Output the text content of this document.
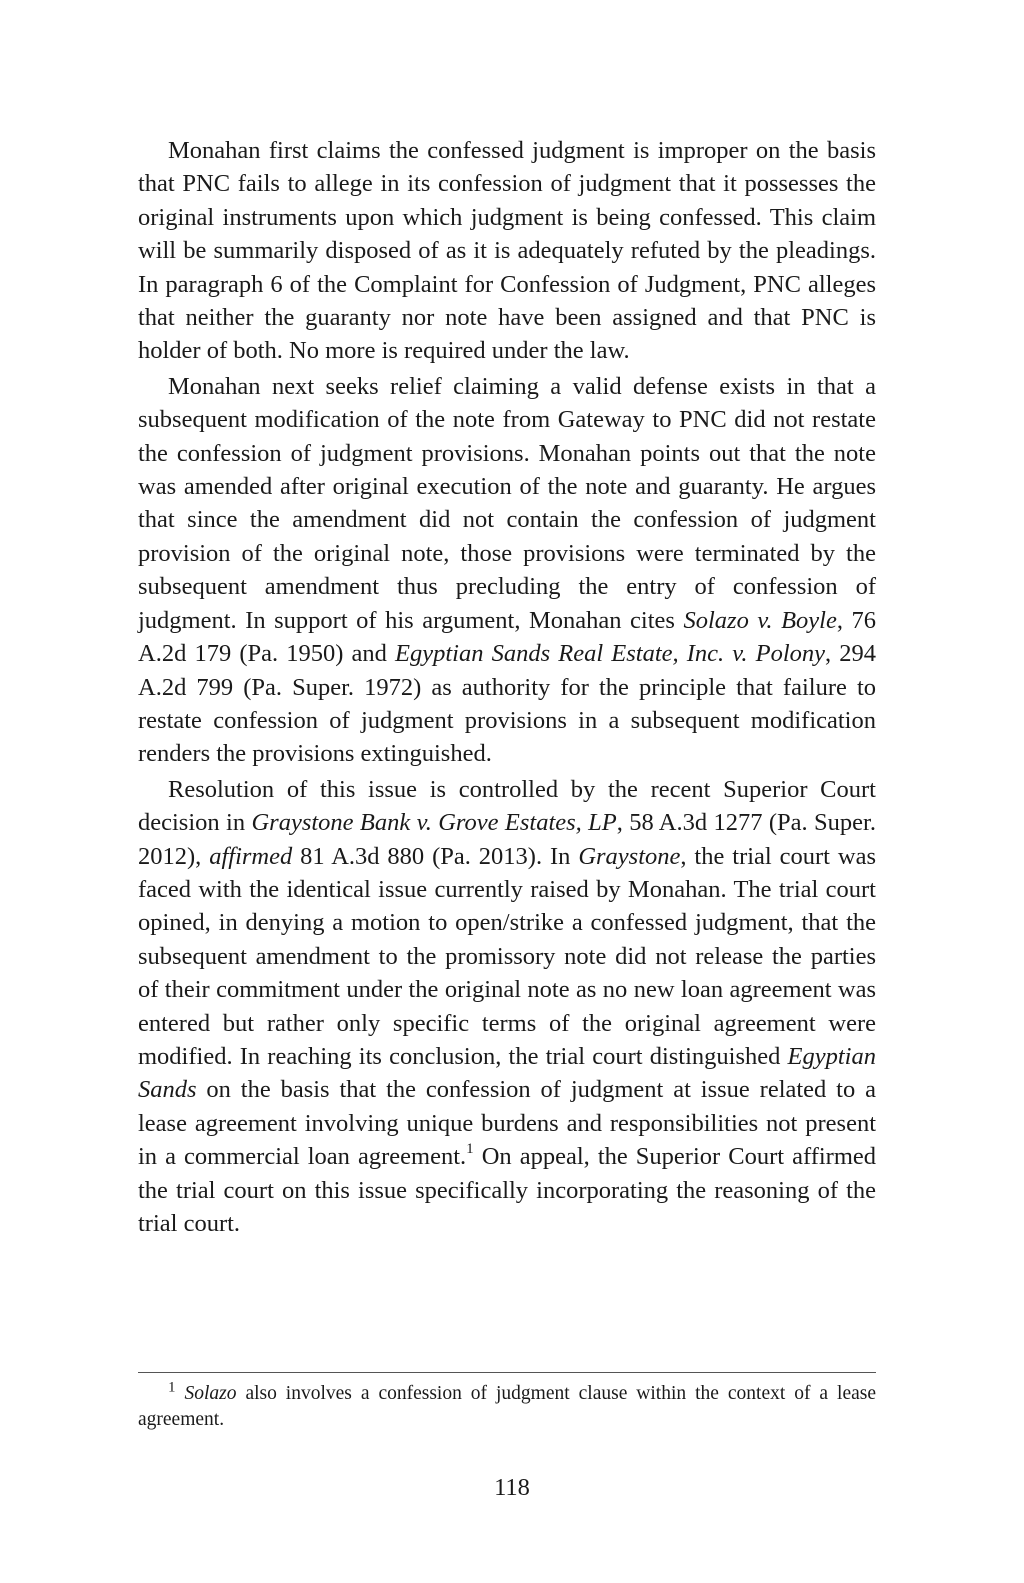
Monahan first claims the confessed judgment is improper on the basis that PNC fails to allege in its confession of judgment that it possesses the original instruments upon which judgment is being confessed. This claim will be summarily disposed of as it is adequately refuted by the pleadings. In paragraph 6 of the Complaint for Confession of Judgment, PNC alleges that neither the guaranty nor note have been assigned and that PNC is holder of both. No more is required under the law.

Monahan next seeks relief claiming a valid defense exists in that a subsequent modification of the note from Gateway to PNC did not restate the confession of judgment provisions. Monahan points out that the note was amended after original execution of the note and guaranty. He argues that since the amendment did not contain the confession of judgment provision of the original note, those provisions were terminated by the subsequent amendment thus precluding the entry of confession of judgment. In support of his argument, Monahan cites Solazo v. Boyle, 76 A.2d 179 (Pa. 1950) and Egyptian Sands Real Estate, Inc. v. Polony, 294 A.2d 799 (Pa. Super. 1972) as authority for the principle that failure to restate confession of judgment provisions in a subsequent modification renders the provisions extinguished.

Resolution of this issue is controlled by the recent Superior Court decision in Graystone Bank v. Grove Estates, LP, 58 A.3d 1277 (Pa. Super. 2012), affirmed 81 A.3d 880 (Pa. 2013). In Graystone, the trial court was faced with the identical issue currently raised by Monahan. The trial court opined, in denying a motion to open/strike a confessed judgment, that the subsequent amendment to the promissory note did not release the parties of their commitment under the original note as no new loan agreement was entered but rather only specific terms of the original agreement were modified. In reaching its conclusion, the trial court distinguished Egyptian Sands on the basis that the confession of judgment at issue related to a lease agreement involving unique burdens and responsibilities not present in a commercial loan agreement.$^1$ On appeal, the Superior Court affirmed the trial court on this issue specifically incorporating the reasoning of the trial court.

$^1$ Solazo also involves a confession of judgment clause within the context of a lease agreement.

118
